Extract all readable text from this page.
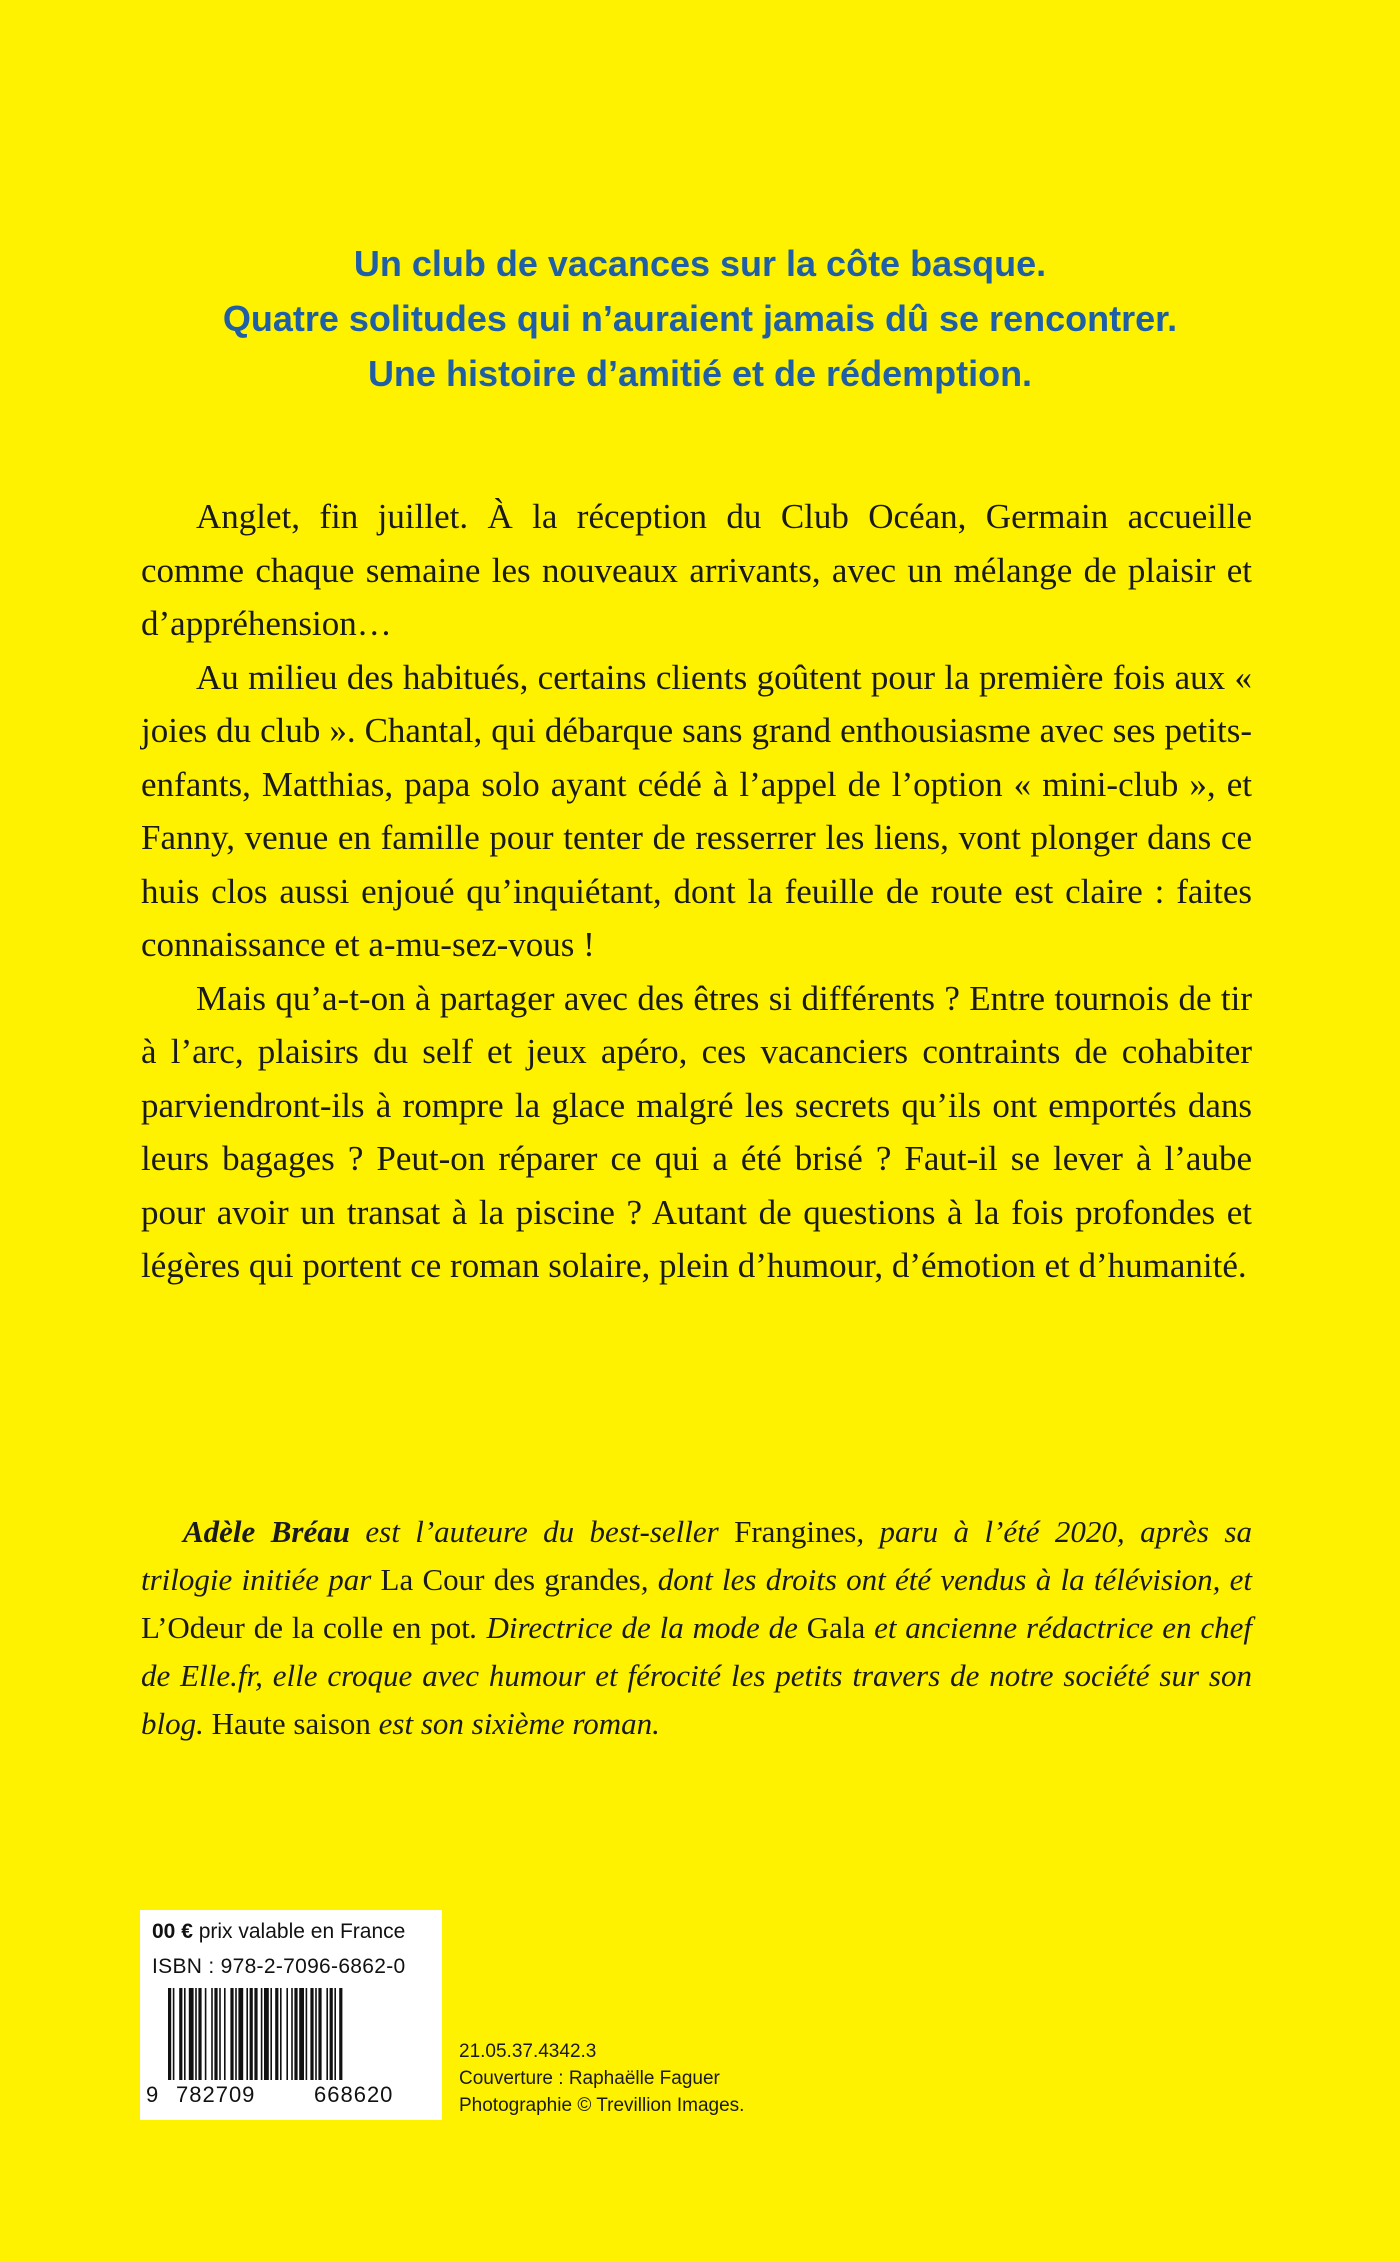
Un club de vacances sur la côte basque.
Quatre solitudes qui n’auraient jamais dû se rencontrer.
Une histoire d’amitié et de rédemption.

Anglet, fin juillet. À la réception du Club Océan, Germain accueille comme chaque semaine les nouveaux arrivants, avec un mélange de plaisir et d’appréhension…

Au milieu des habitués, certains clients goûtent pour la première fois aux « joies du club ». Chantal, qui débarque sans grand enthousiasme avec ses petits-enfants, Matthias, papa solo ayant cédé à l’appel de l’option « mini-club », et Fanny, venue en famille pour tenter de resserrer les liens, vont plonger dans ce huis clos aussi enjoué qu’inquiétant, dont la feuille de route est claire : faites connaissance et a-mu-sez-vous !

Mais qu’a-t-on à partager avec des êtres si différents ? Entre tournois de tir à l’arc, plaisirs du self et jeux apéro, ces vacanciers contraints de cohabiter parviendront-ils à rompre la glace malgré les secrets qu’ils ont emportés dans leurs bagages ? Peut-on réparer ce qui a été brisé ? Faut-il se lever à l’aube pour avoir un transat à la piscine ? Autant de questions à la fois profondes et légères qui portent ce roman solaire, plein d’humour, d’émotion et d’humanité.

Adèle Bréau est l’auteure du best-seller Frangines, paru à l’été 2020, après sa trilogie initiée par La Cour des grandes, dont les droits ont été vendus à la télévision, et L’Odeur de la colle en pot. Directrice de la mode de Gala et ancienne rédactrice en chef de Elle.fr, elle croque avec humour et férocité les petits travers de notre société sur son blog. Haute saison est son sixième roman.

00 € prix valable en France
ISBN : 978-2-7096-6862-0
9 782709	668620
21.05.37.4342.3
Couverture : Raphaëlle Faguer
Photographie © Trevillion Images.
